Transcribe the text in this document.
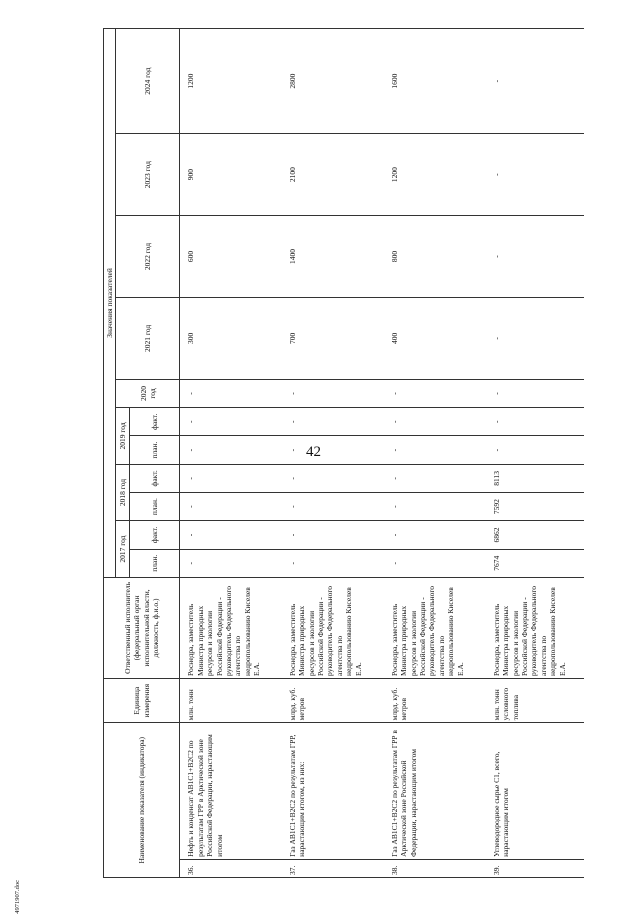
42
4971907.doc
Наименование показателя (индикатора)		Единица измерения	Ответственный исполнитель (федеральный орган исполнительной власти, должность, ф.и.о.)	Значения показателей										
				2017 год		2018 год		2019 год		2020 год	2021 год	2022 год	2023 год	2024 год
				план.	факт.	план.	факт.	план.	факт.					
36.	Нефть и конденсат АВ1С1+В2С2 по результатам ГРР в Арктической зоне Российской Федерации, нарастающим итогом	млн. тонн	Роснедра, заместитель Министра природных ресурсов и экологии Российской Федерации - руководитель Федерального агентства по недропользованию Киселев Е.А.	-	-	-	-	-	-	-	300	600	900	1200
37.	Газ АВ1С1+В2С2 по результатам ГРР, нарастающим итогом, из них:	млрд. куб. метров	Роснедра, заместитель Министра природных ресурсов и экологии Российской Федерации - руководитель Федерального агентства по недропользованию Киселев Е.А.	-	-	-	-	-	-	-	700	1400	2100	2800
38.	Газ АВ1С1+В2С2 по результатам ГРР в Арктической зоне Российской Федерации, нарастающим итогом	млрд. куб. метров	Роснедра, заместитель Министра природных ресурсов и экологии Российской Федерации - руководитель Федерального агентства по недропользованию Киселев Е.А.	-	-	-	-	-	-	-	400	800	1200	1600
39.	Углеводородное сырье С1, всего, нарастающим итогом	млн. тонн условного топлива	Роснедра, заместитель Министра природных ресурсов и экологии Российской Федерации - руководитель Федерального агентства по недропользованию Киселев Е.А.	7674	6862	7592	8113	-	-	-	-	-	-	-
